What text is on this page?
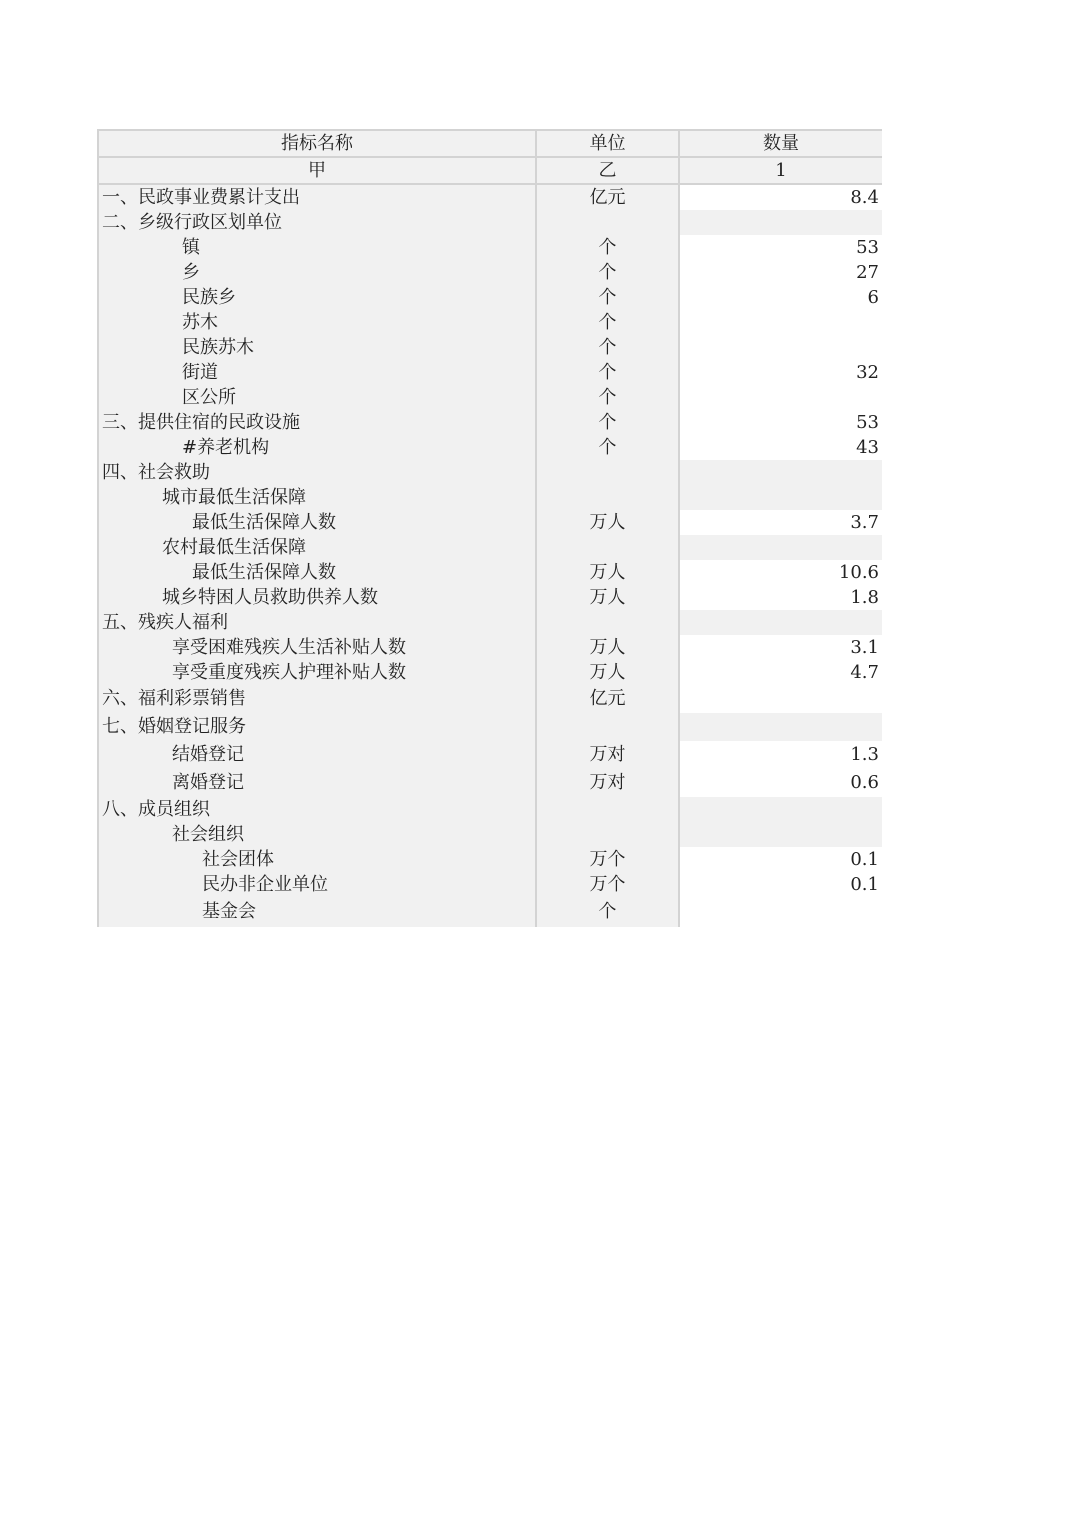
指标名称	单位	数量
甲	乙	1
一、民政事业费累计支出	亿元	8.4
二、乡级行政区划单位		
镇	个	53
乡	个	27
民族乡	个	6
苏木	个	
民族苏木	个	
街道	个	32
区公所	个	
三、提供住宿的民政设施	个	53
#养老机构	个	43
四、社会救助		
城市最低生活保障		
最低生活保障人数	万人	3.7
农村最低生活保障		
最低生活保障人数	万人	10.6
城乡特困人员救助供养人数	万人	1.8
五、残疾人福利		
享受困难残疾人生活补贴人数	万人	3.1
享受重度残疾人护理补贴人数	万人	4.7
六、福利彩票销售	亿元	
七、婚姻登记服务		
结婚登记	万对	1.3
离婚登记	万对	0.6
八、成员组织		
社会组织		
社会团体	万个	0.1
民办非企业单位	万个	0.1
基金会	个	
